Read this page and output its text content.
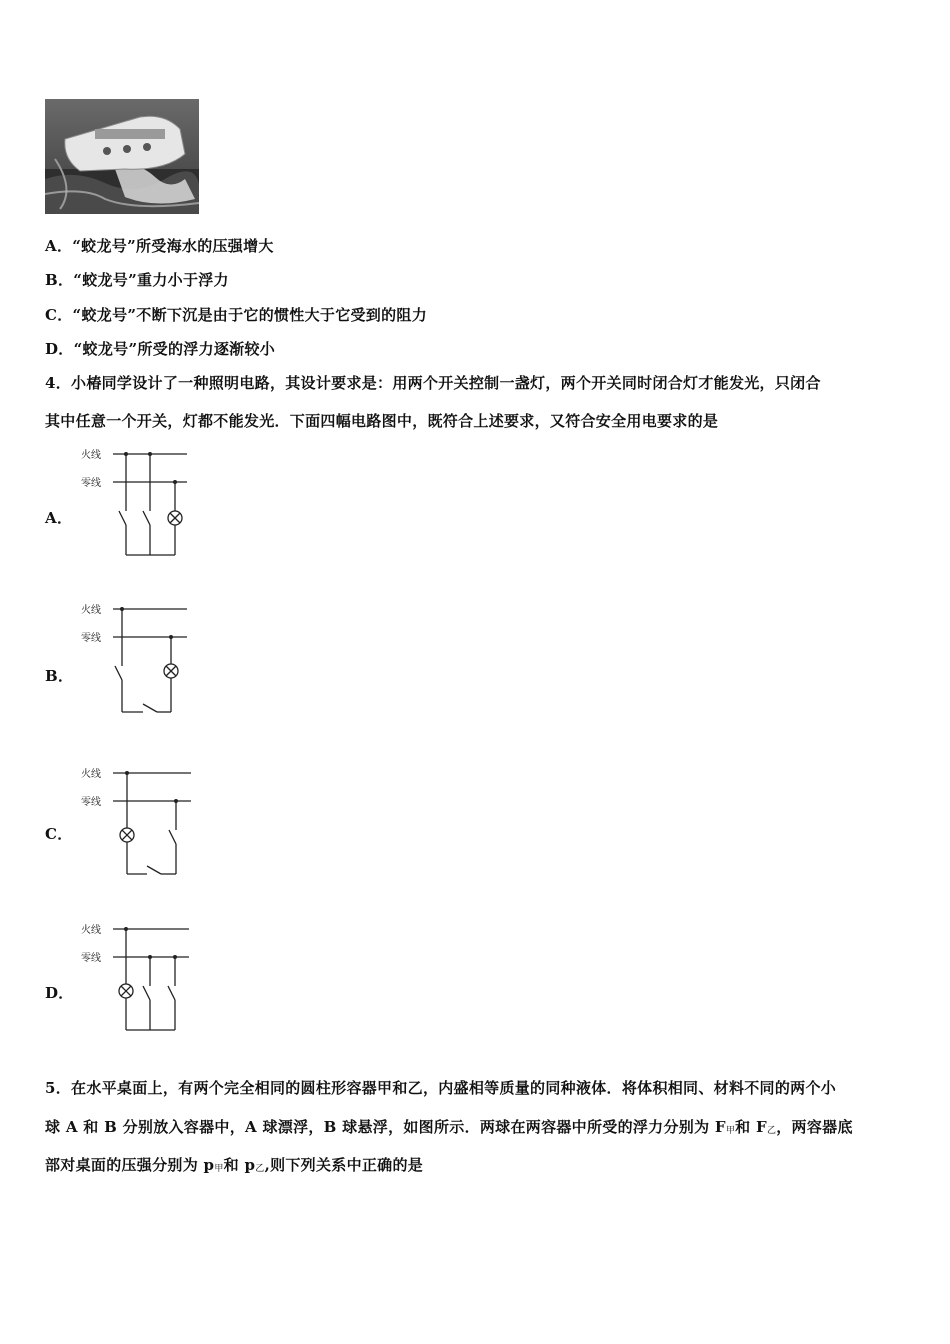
A．“蛟龙号”所受海水的压强增大
B．“蛟龙号”重力小于浮力
C．“蛟龙号”不断下沉是由于它的惯性大于它受到的阻力
D．“蛟龙号”所受的浮力逐渐较小
4．小椿同学设计了一种照明电路，其设计要求是：用两个开关控制一盏灯，两个开关同时闭合灯才能发光，只闭合
其中任意一个开关，灯都不能发光．下面四幅电路图中，既符合上述要求，又符合安全用电要求的是
A．
火线
零线
B．
火线
零线
C．
火线
零线
D．
火线
零线
5．在水平桌面上，有两个完全相同的圆柱形容器甲和乙，内盛相等质量的同种液体．将体积相同、材料不同的两个小
球 A 和 B 分别放入容器中，A 球漂浮，B 球悬浮，如图所示．两球在两容器中所受的浮力分别为 F甲和 F乙，两容器底
部对桌面的压强分别为 p甲和 p乙,则下列关系中正确的是
